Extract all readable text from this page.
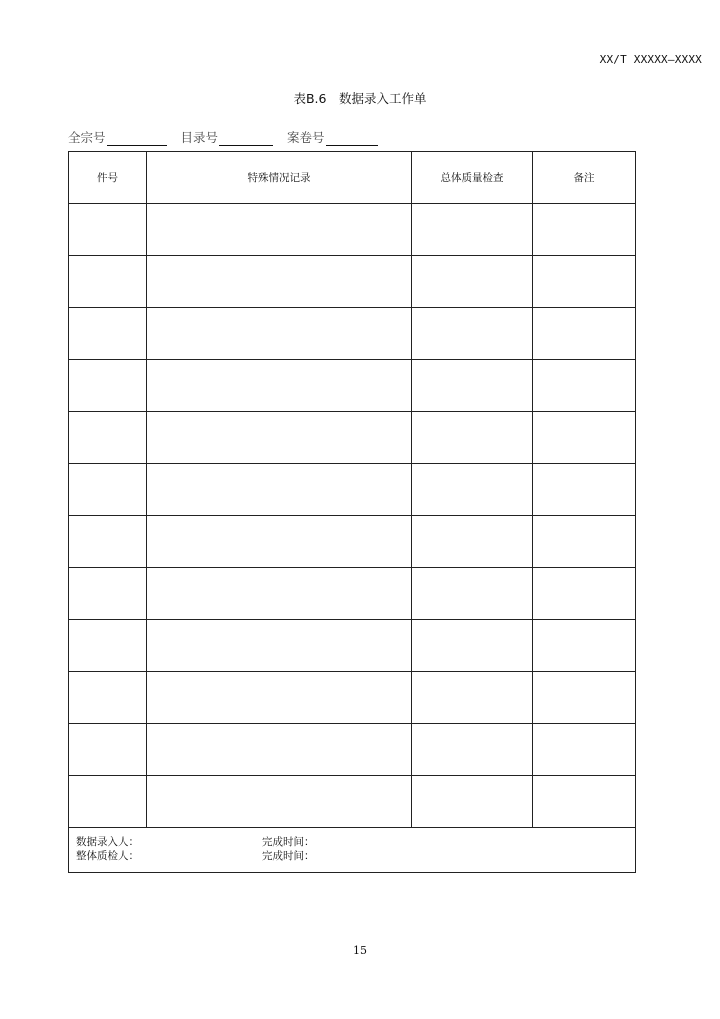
XX/T XXXXX—XXXX
表B.6　数据录入工作单
全宗号	目录号	案卷号
件号	特殊情况记录	总体质量检查	备注

数据录入人： 完成时间：
整体质检人： 完成时间：			
15
